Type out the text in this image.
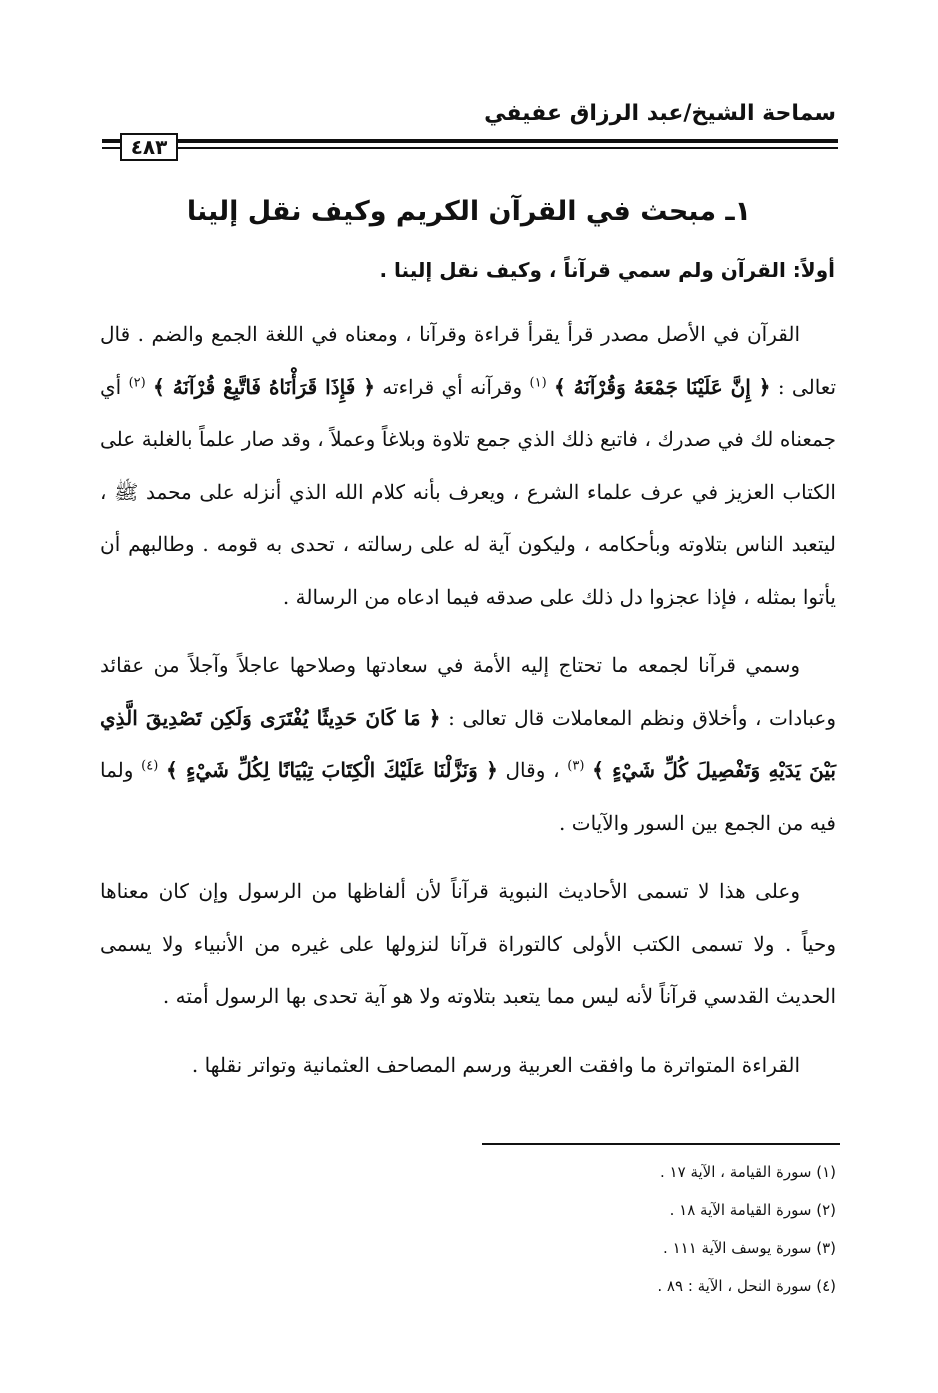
سماحة الشيخ/عبد الرزاق عفيفي
٤٨٣
١ـ مبحث في القرآن الكريم وكيف نقل إلينا
أولاً: القرآن ولم سمي قرآناً ، وكيف نقل إلينا .

القرآن في الأصل مصدر قرأ يقرأ قراءة وقرآنا ، ومعناه في اللغة الجمع والضم . قال تعالى : ﴿ إِنَّ عَلَيْنَا جَمْعَهُ وَقُرْآنَهُ ﴾ $^{(١)}$ وقرآنه أي قراءته ﴿ فَإِذَا قَرَأْنَاهُ فَاتَّبِعْ قُرْآنَهُ ﴾ $^{(٢)}$ أي جمعناه لك في صدرك ، فاتبع ذلك الذي جمع تلاوة وبلاغاً وعملاً ، وقد صار علماً بالغلبة على الكتاب العزيز في عرف علماء الشرع ، ويعرف بأنه كلام الله الذي أنزله على محمد ﷺ ، ليتعبد الناس بتلاوته وبأحكامه ، وليكون آية له على رسالته ، تحدى به قومه . وطالبهم أن يأتوا بمثله ، فإذا عجزوا دل ذلك على صدقه فيما ادعاه من الرسالة .

وسمي قرآنا لجمعه ما تحتاج إليه الأمة في سعادتها وصلاحها عاجلاً وآجلاً من عقائد وعبادات ، وأخلاق ونظم المعاملات قال تعالى : ﴿ مَا كَانَ حَدِيثًا يُفْتَرَى وَلَكِن تَصْدِيقَ الَّذِي بَيْنَ يَدَيْهِ وَتَفْصِيلَ كُلِّ شَيْءٍ ﴾ $^{(٣)}$ ، وقال ﴿ وَنَزَّلْنَا عَلَيْكَ الْكِتَابَ تِبْيَانًا لِكُلِّ شَيْءٍ ﴾ $^{(٤)}$ ولما فيه من الجمع بين السور والآيات .

وعلى هذا لا تسمى الأحاديث النبوية قرآناً لأن ألفاظها من الرسول وإن كان معناها وحياً . ولا تسمى الكتب الأولى كالتوراة قرآنا لنزولها على غيره من الأنبياء ولا يسمى الحديث القدسي قرآناً لأنه ليس مما يتعبد بتلاوته ولا هو آية تحدى بها الرسول أمته .

القراءة المتواترة ما وافقت العربية ورسم المصاحف العثمانية وتواتر نقلها .

(١) سورة القيامة ، الآية ١٧ .
(٢) سورة القيامة الآية ١٨ .
(٣) سورة يوسف الآية ١١١ .
(٤) سورة النحل ، الآية : ٨٩ .
